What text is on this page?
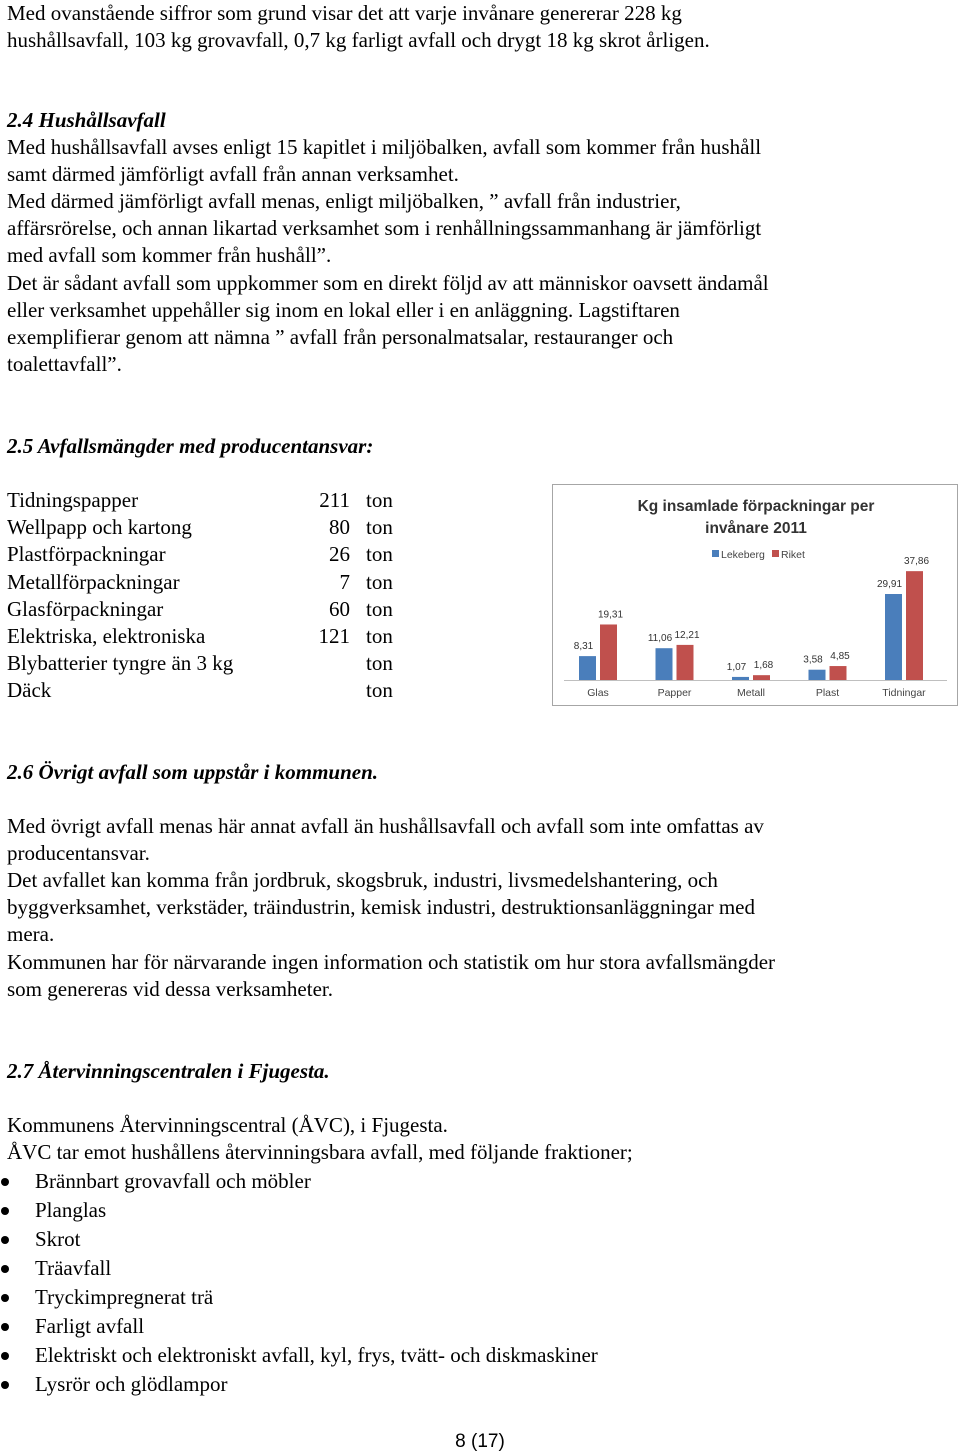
Med ovanstående siffror som grund visar det att varje invånare genererar 228 kg

hushållsavfall, 103 kg grovavfall, 0,7 kg farligt avfall och drygt 18 kg skrot årligen.

2.4 Hushållsavfall

Med hushållsavfall avses enligt 15 kapitlet i miljöbalken, avfall som kommer från hushåll

samt därmed jämförligt avfall från annan verksamhet.

Med därmed jämförligt avfall menas, enligt miljöbalken, ” avfall från industrier,

affärsrörelse, och annan likartad verksamhet som i renhållningssammanhang är jämförligt

med avfall som kommer från hushåll”.

Det är sådant avfall som uppkommer som en direkt följd av att människor oavsett ändamål

eller verksamhet uppehåller sig inom en lokal eller i en anläggning. Lagstiftaren

exemplifierar genom att nämna ” avfall från personalmatsalar, restauranger och

toalettavfall”.

2.5 Avfallsmängder med producentansvar:

Tidningspapper	211 ton
Wellpapp och kartong	80 ton
Plastförpackningar	26 ton
Metallförpackningar	7 ton
Glasförpackningar	60 ton
Elektriska, elektroniska	121 ton
Blybatterier tyngre än 3 kg	ton
Däck	ton
Kg insamlade förpackningar per
invånare 2011
Lekeberg Riket
8,31
19,31
Glas
11,06 12,21
Papper
1,07 1,68
Metall
3,58 4,85
Plast
29,91
37,86
Tidningar

2.6 Övrigt avfall som uppstår i kommunen.

Med övrigt avfall menas här annat avfall än hushållsavfall och avfall som inte omfattas av

producentansvar.

Det avfallet kan komma från jordbruk, skogsbruk, industri, livsmedelshantering, och

byggverksamhet, verkstäder, träindustrin, kemisk industri, destruktionsanläggningar med

mera.

Kommunen har för närvarande ingen information och statistik om hur stora avfallsmängder

som genereras vid dessa verksamheter.

2.7 Återvinningscentralen i Fjugesta.

Kommunens Återvinningscentral (ÅVC), i Fjugesta.

ÅVC tar emot hushållens återvinningsbara avfall, med följande fraktioner;

Brännbart grovavfall och möbler
Planglas
Skrot
Träavfall
Tryckimpregnerat trä
Farligt avfall
Elektriskt och elektroniskt avfall, kyl, frys, tvätt- och diskmaskiner
Lysrör och glödlampor
8 (17)
